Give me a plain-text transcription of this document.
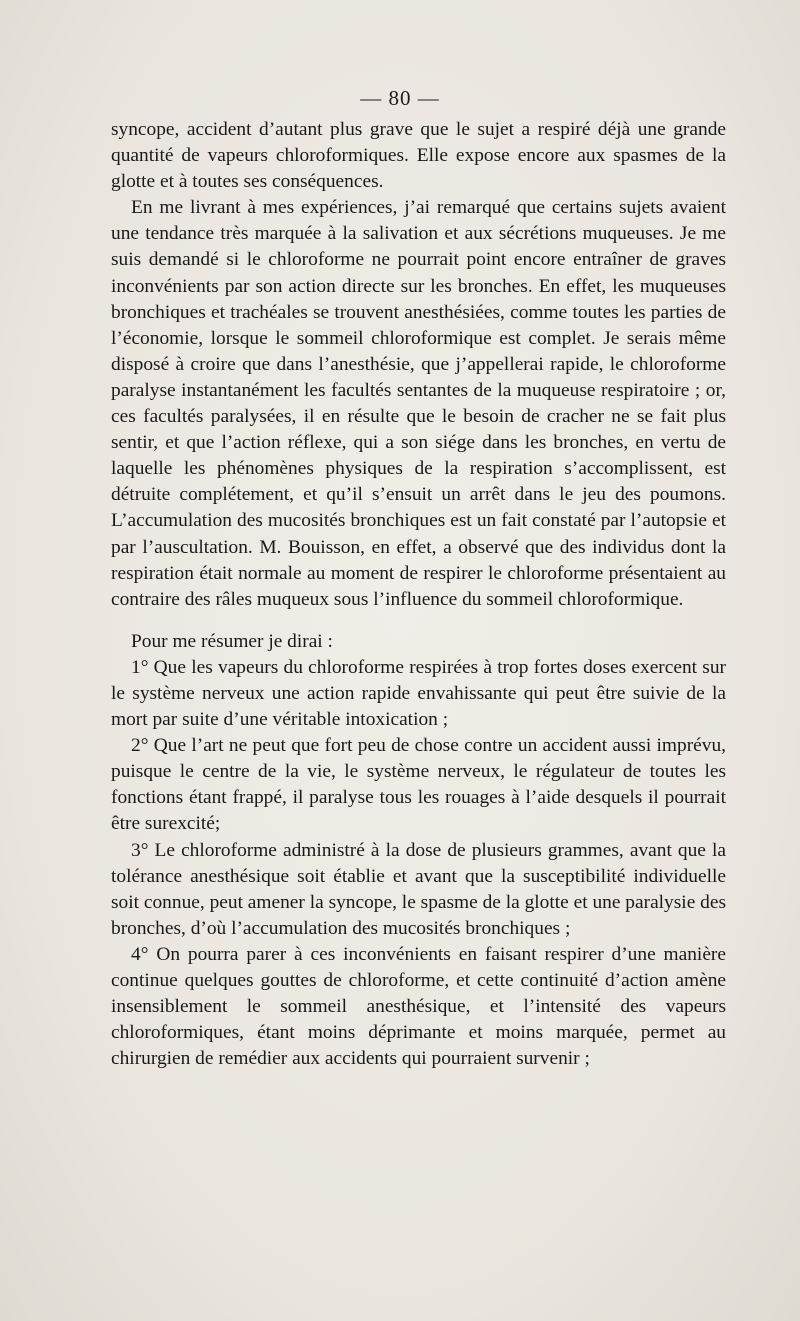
— 80 —

syncope, accident d’autant plus grave que le sujet a respiré déjà une grande quantité de vapeurs chloroformiques. Elle expose encore aux spasmes de la glotte et à toutes ses conséquences.

En me livrant à mes expériences, j’ai remarqué que certains sujets avaient une tendance très marquée à la salivation et aux sécrétions muqueuses. Je me suis demandé si le chloroforme ne pourrait point encore entraîner de graves inconvénients par son action directe sur les bronches. En effet, les muqueuses bronchiques et trachéales se trouvent anesthésiées, comme toutes les parties de l’économie, lorsque le sommeil chloroformique est complet. Je serais même disposé à croire que dans l’anesthésie, que j’appellerai rapide, le chloroforme paralyse instantanément les facultés sentantes de la muqueuse respiratoire ; or, ces facultés paralysées, il en résulte que le besoin de cracher ne se fait plus sentir, et que l’action réflexe, qui a son siége dans les bronches, en vertu de laquelle les phénomènes physiques de la respiration s’accomplissent, est détruite complétement, et qu’il s’ensuit un arrêt dans le jeu des poumons. L’accumulation des mucosités bronchiques est un fait constaté par l’autopsie et par l’auscultation. M. Bouisson, en effet, a observé que des individus dont la respiration était normale au moment de respirer le chloroforme présentaient au contraire des râles muqueux sous l’influence du sommeil chloroformique.

Pour me résumer je dirai :

1° Que les vapeurs du chloroforme respirées à trop fortes doses exercent sur le système nerveux une action rapide envahissante qui peut être suivie de la mort par suite d’une véritable intoxication ;

2° Que l’art ne peut que fort peu de chose contre un accident aussi imprévu, puisque le centre de la vie, le système nerveux, le régulateur de toutes les fonctions étant frappé, il paralyse tous les rouages à l’aide desquels il pourrait être surexcité;

3° Le chloroforme administré à la dose de plusieurs grammes, avant que la tolérance anesthésique soit établie et avant que la susceptibilité individuelle soit connue, peut amener la syncope, le spasme de la glotte et une paralysie des bronches, d’où l’accumulation des mucosités bronchiques ;

4° On pourra parer à ces inconvénients en faisant respirer d’une manière continue quelques gouttes de chloroforme, et cette continuité d’action amène insensiblement le sommeil anesthésique, et l’intensité des vapeurs chloroformiques, étant moins déprimante et moins marquée, permet au chirurgien de remédier aux accidents qui pourraient survenir ;
